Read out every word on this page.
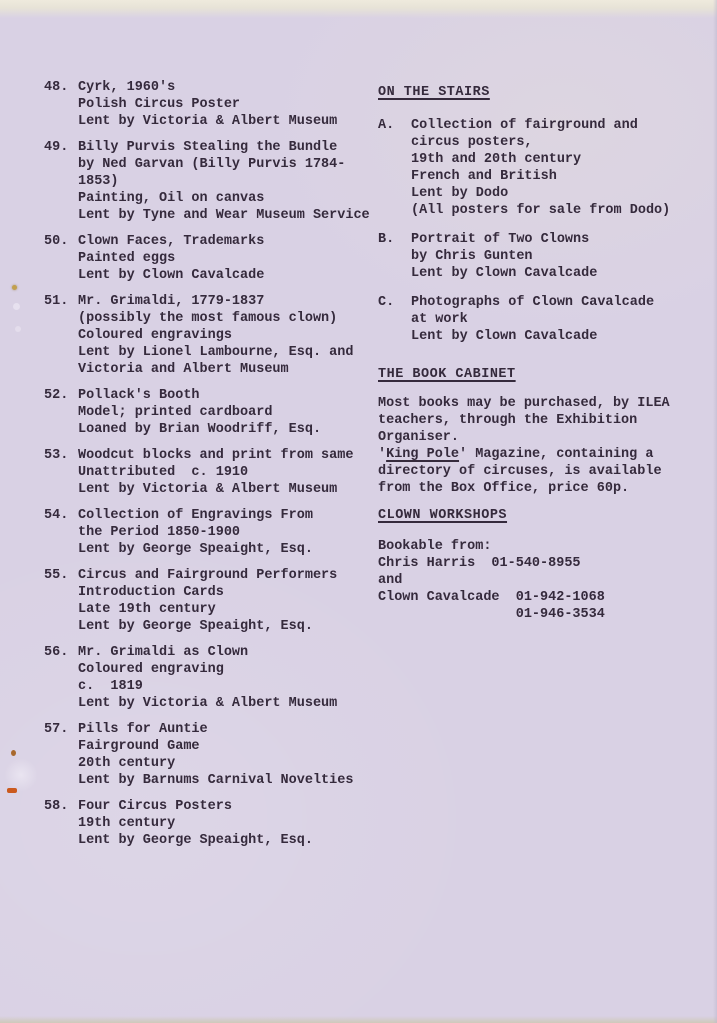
48. Cyrk, 1960's
Polish Circus Poster
Lent by Victoria & Albert Museum
49. Billy Purvis Stealing the Bundle
by Ned Garvan (Billy Purvis 1784-
1853)
Painting, Oil on canvas
Lent by Tyne and Wear Museum Service
50. Clown Faces, Trademarks
Painted eggs
Lent by Clown Cavalcade
51. Mr. Grimaldi, 1779-1837
(possibly the most famous clown)
Coloured engravings
Lent by Lionel Lambourne, Esq. and
Victoria and Albert Museum
52. Pollack's Booth
Model; printed cardboard
Loaned by Brian Woodriff, Esq.
53. Woodcut blocks and print from same
Unattributed  c. 1910
Lent by Victoria & Albert Museum
54. Collection of Engravings From
the Period 1850-1900
Lent by George Speaight, Esq.
55. Circus and Fairground Performers
Introduction Cards
Late 19th century
Lent by George Speaight, Esq.
56. Mr. Grimaldi as Clown
Coloured engraving
c.  1819
Lent by Victoria & Albert Museum
57. Pills for Auntie
Fairground Game
20th century
Lent by Barnums Carnival Novelties
58. Four Circus Posters
19th century
Lent by George Speaight, Esq.
ON THE STAIRS
A.	Collection of fairground and
circus posters,
19th and 20th century
French and British
Lent by Dodo
(All posters for sale from Dodo)
B.	Portrait of Two Clowns
by Chris Gunten
Lent by Clown Cavalcade
C.	Photographs of Clown Cavalcade
at work
Lent by Clown Cavalcade
THE BOOK CABINET
Most books may be purchased, by ILEA
teachers, through the Exhibition
Organiser.
'King Pole' Magazine, containing a
directory of circuses, is available
from the Box Office, price 60p.
CLOWN WORKSHOPS
Bookable from:
Chris Harris  01-540-8955
and
Clown Cavalcade  01-942-1068
01-946-3534
